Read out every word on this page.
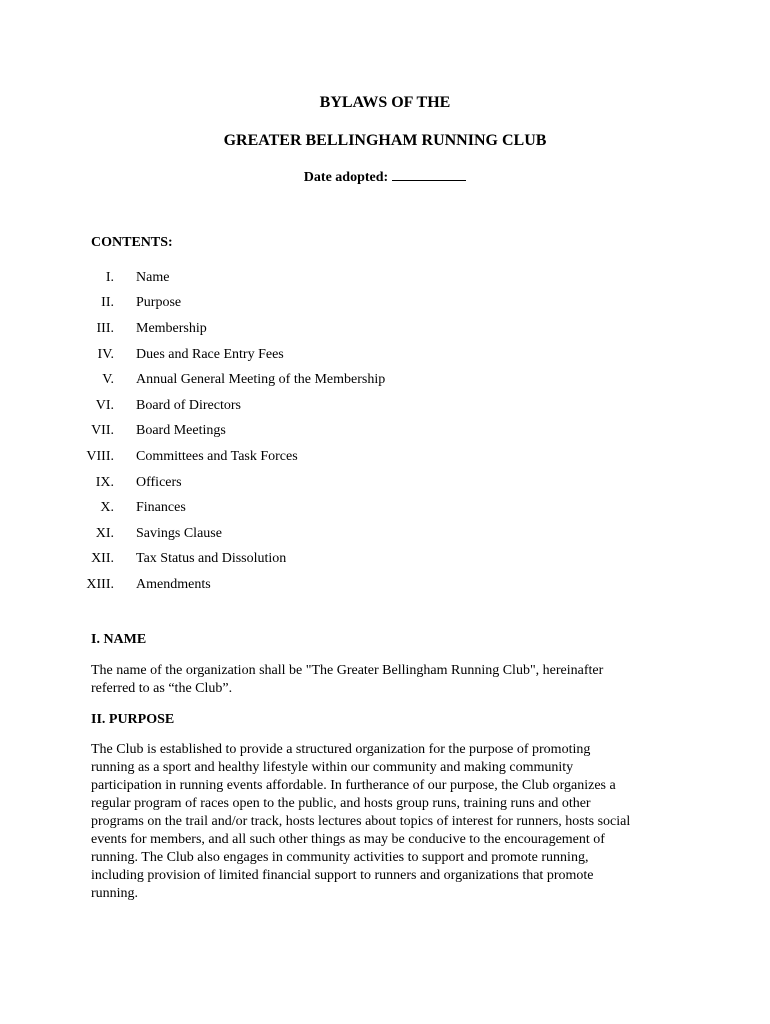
BYLAWS OF THE
GREATER BELLINGHAM RUNNING CLUB
Date adopted:
CONTENTS:
I. Name
II. Purpose
III. Membership
IV. Dues and Race Entry Fees
V. Annual General Meeting of the Membership
VI. Board of Directors
VII. Board Meetings
VIII. Committees and Task Forces
IX. Officers
X. Finances
XI. Savings Clause
XII. Tax Status and Dissolution
XIII. Amendments
I. NAME

The name of the organization shall be "The Greater Bellingham Running Club", hereinafter
referred to as “the Club”.

II. PURPOSE

The Club is established to provide a structured organization for the purpose of promoting
running as a sport and healthy lifestyle within our community and making community
participation in running events affordable. In furtherance of our purpose, the Club organizes a
regular program of races open to the public, and hosts group runs, training runs and other
programs on the trail and/or track, hosts lectures about topics of interest for runners, hosts social
events for members, and all such other things as may be conducive to the encouragement of
running. The Club also engages in community activities to support and promote running,
including provision of limited financial support to runners and organizations that promote
running.
